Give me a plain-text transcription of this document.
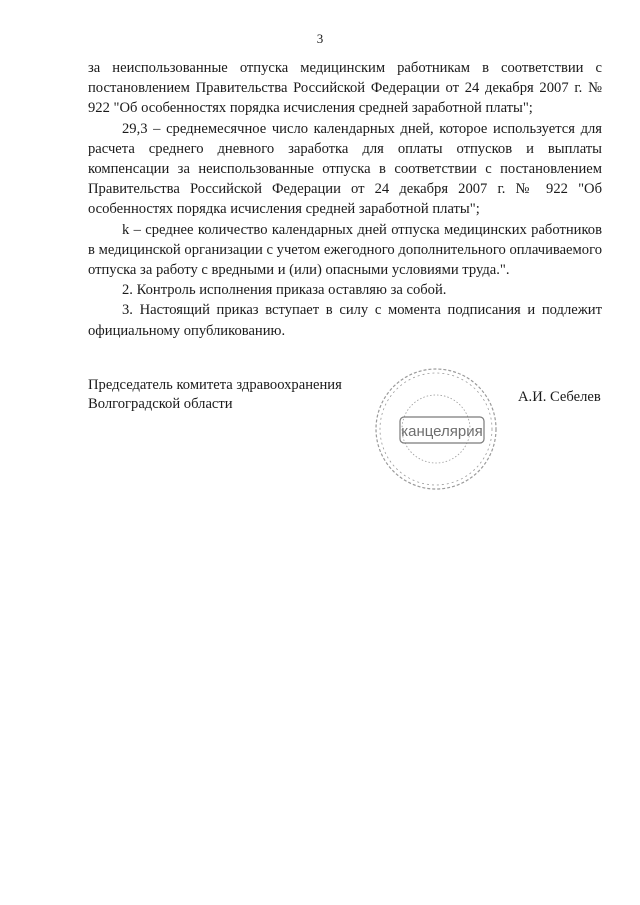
3

за неиспользованные отпуска медицинским работникам в соответствии с постановлением Правительства Российской Федерации от 24 декабря 2007 г. № 922 "Об особенностях порядка исчисления средней заработной платы";

29,3 – среднемесячное число календарных дней, которое используется для расчета среднего дневного заработка для оплаты отпусков и выплаты компенсации за неиспользованные отпуска в соответствии с постановлением Правительства Российской Федерации от 24 декабря 2007 г. № 922 "Об особенностях порядка исчисления средней заработной платы";

k – среднее количество календарных дней отпуска медицинских работников в медицинской организации с учетом ежегодного дополнительного оплачиваемого отпуска за работу с вредными и (или) опасными условиями труда.".

2. Контроль исполнения приказа оставляю за собой.

3. Настоящий приказ вступает в силу с момента подписания и подлежит официальному опубликованию.

Председатель комитета здравоохранения
Волгоградской области
канцелярия
А.И. Себелев
